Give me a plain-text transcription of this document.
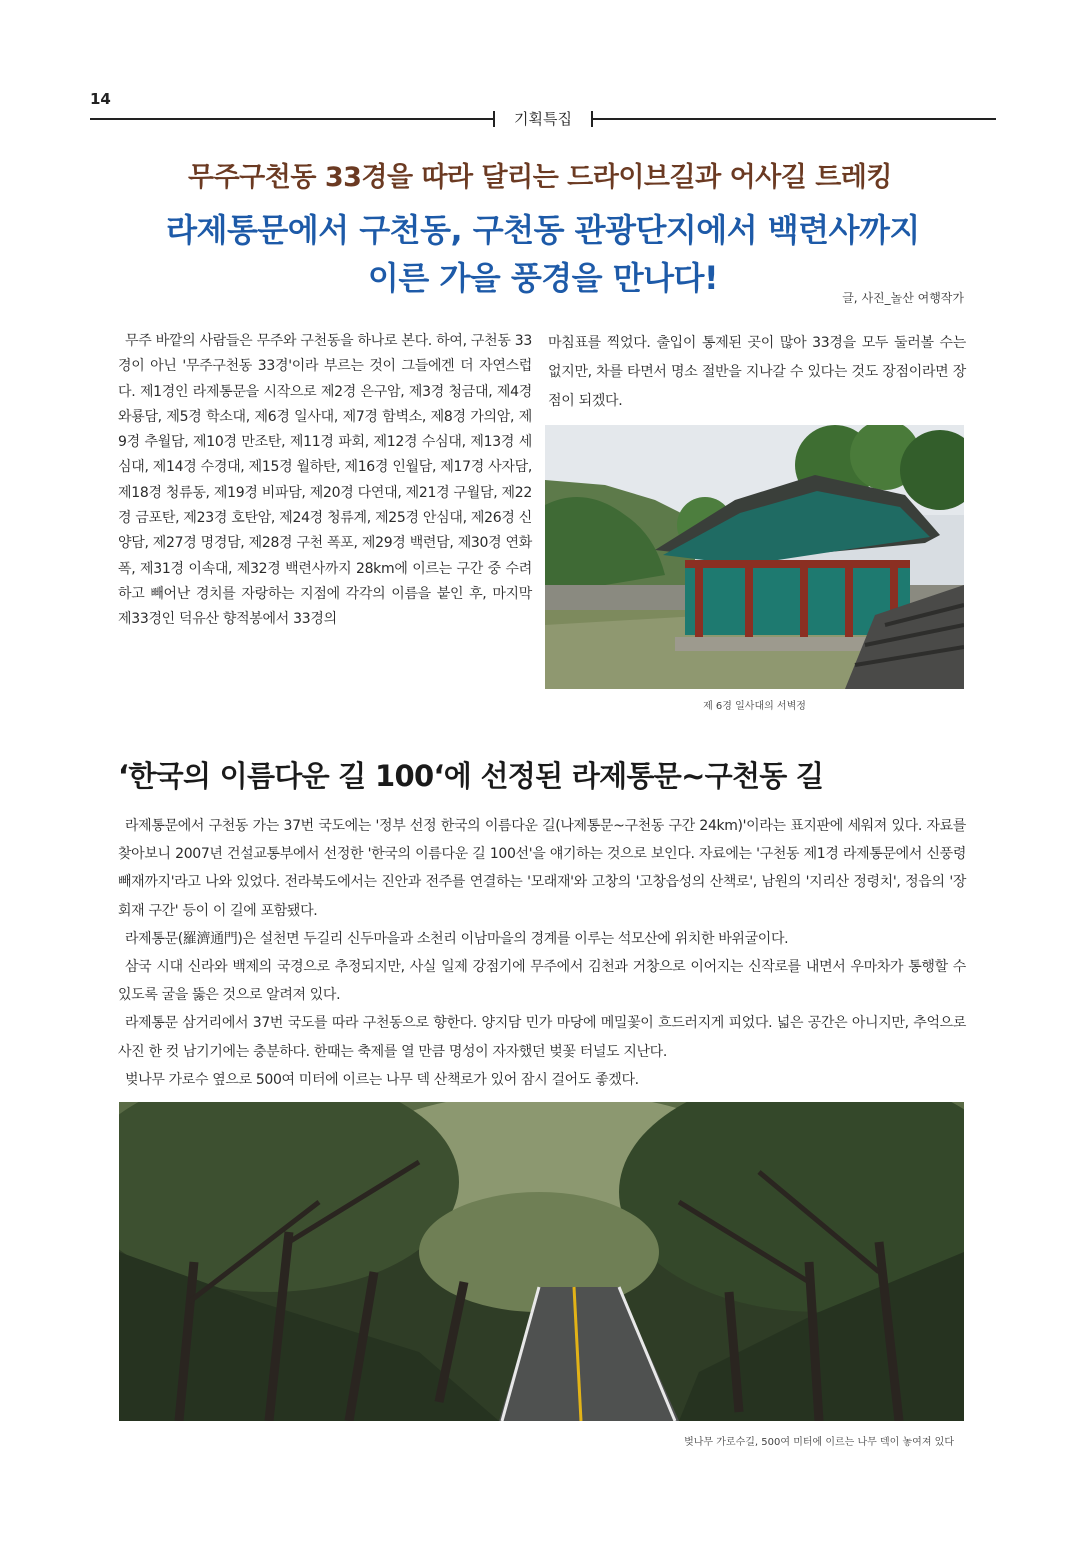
14
기획특집
무주구천동 33경을 따라 달리는 드라이브길과 어사길 트레킹
라제통문에서 구천동, 구천동 관광단지에서 백련사까지
이른 가을 풍경을 만나다!
글, 사진_놀산 여행작가

무주 바깥의 사람들은 무주와 구천동을 하나로 본다. 하여, 구천동 33경이 아닌 '무주구천동 33경'이라 부르는 것이 그들에겐 더 자연스럽다. 제1경인 라제통문을 시작으로 제2경 은구암, 제3경 청금대, 제4경 와룡담, 제5경 학소대, 제6경 일사대, 제7경 함벽소, 제8경 가의암, 제9경 추월담, 제10경 만조탄, 제11경 파회, 제12경 수심대, 제13경 세심대, 제14경 수경대, 제15경 월하탄, 제16경 인월담, 제17경 사자담, 제18경 청류동, 제19경 비파담, 제20경 다연대, 제21경 구월담, 제22경 금포탄, 제23경 호탄암, 제24경 청류계, 제25경 안심대, 제26경 신양담, 제27경 명경담, 제28경 구천 폭포, 제29경 백련담, 제30경 연화폭, 제31경 이속대, 제32경 백련사까지 28km에 이르는 구간 중 수려하고 빼어난 경치를 자랑하는 지점에 각각의 이름을 붙인 후, 마지막 제33경인 덕유산 향적봉에서 33경의

마침표를 찍었다. 출입이 통제된 곳이 많아 33경을 모두 둘러볼 수는 없지만, 차를 타면서 명소 절반을 지나갈 수 있다는 것도 장점이라면 장점이 되겠다.

제 6경 일사대의 서벽정
‘한국의 이름다운 길 100‘에 선정된 라제통문~구천동 길

라제통문에서 구천동 가는 37번 국도에는 '정부 선정 한국의 이름다운 길(나제통문~구천동 구간 24km)'이라는 표지판에 세워져 있다. 자료를 찾아보니 2007년 건설교통부에서 선정한 '한국의 이름다운 길 100선'을 얘기하는 것으로 보인다. 자료에는 '구천동 제1경 라제통문에서 신풍령 빼재까지'라고 나와 있었다. 전라북도에서는 진안과 전주를 연결하는 '모래재'와 고창의 '고창읍성의 산책로', 남원의 '지리산 정령치', 정읍의 '장회재 구간' 등이 이 길에 포함됐다.

라제통문(羅濟通門)은 설천면 두길리 신두마을과 소천리 이남마을의 경계를 이루는 석모산에 위치한 바위굴이다.

삼국 시대 신라와 백제의 국경으로 추정되지만, 사실 일제 강점기에 무주에서 김천과 거창으로 이어지는 신작로를 내면서 우마차가 통행할 수 있도록 굴을 뚫은 것으로 알려져 있다.

라제통문 삼거리에서 37번 국도를 따라 구천동으로 향한다. 양지담 민가 마당에 메밀꽃이 흐드러지게 피었다. 넓은 공간은 아니지만, 추억으로 사진 한 컷 남기기에는 충분하다. 한때는 축제를 열 만큼 명성이 자자했던 벚꽃 터널도 지난다.

벚나무 가로수 옆으로 500여 미터에 이르는 나무 덱 산책로가 있어 잠시 걸어도 좋겠다.

벚나무 가로수길, 500여 미터에 이르는 나무 덱이 놓여져 있다
